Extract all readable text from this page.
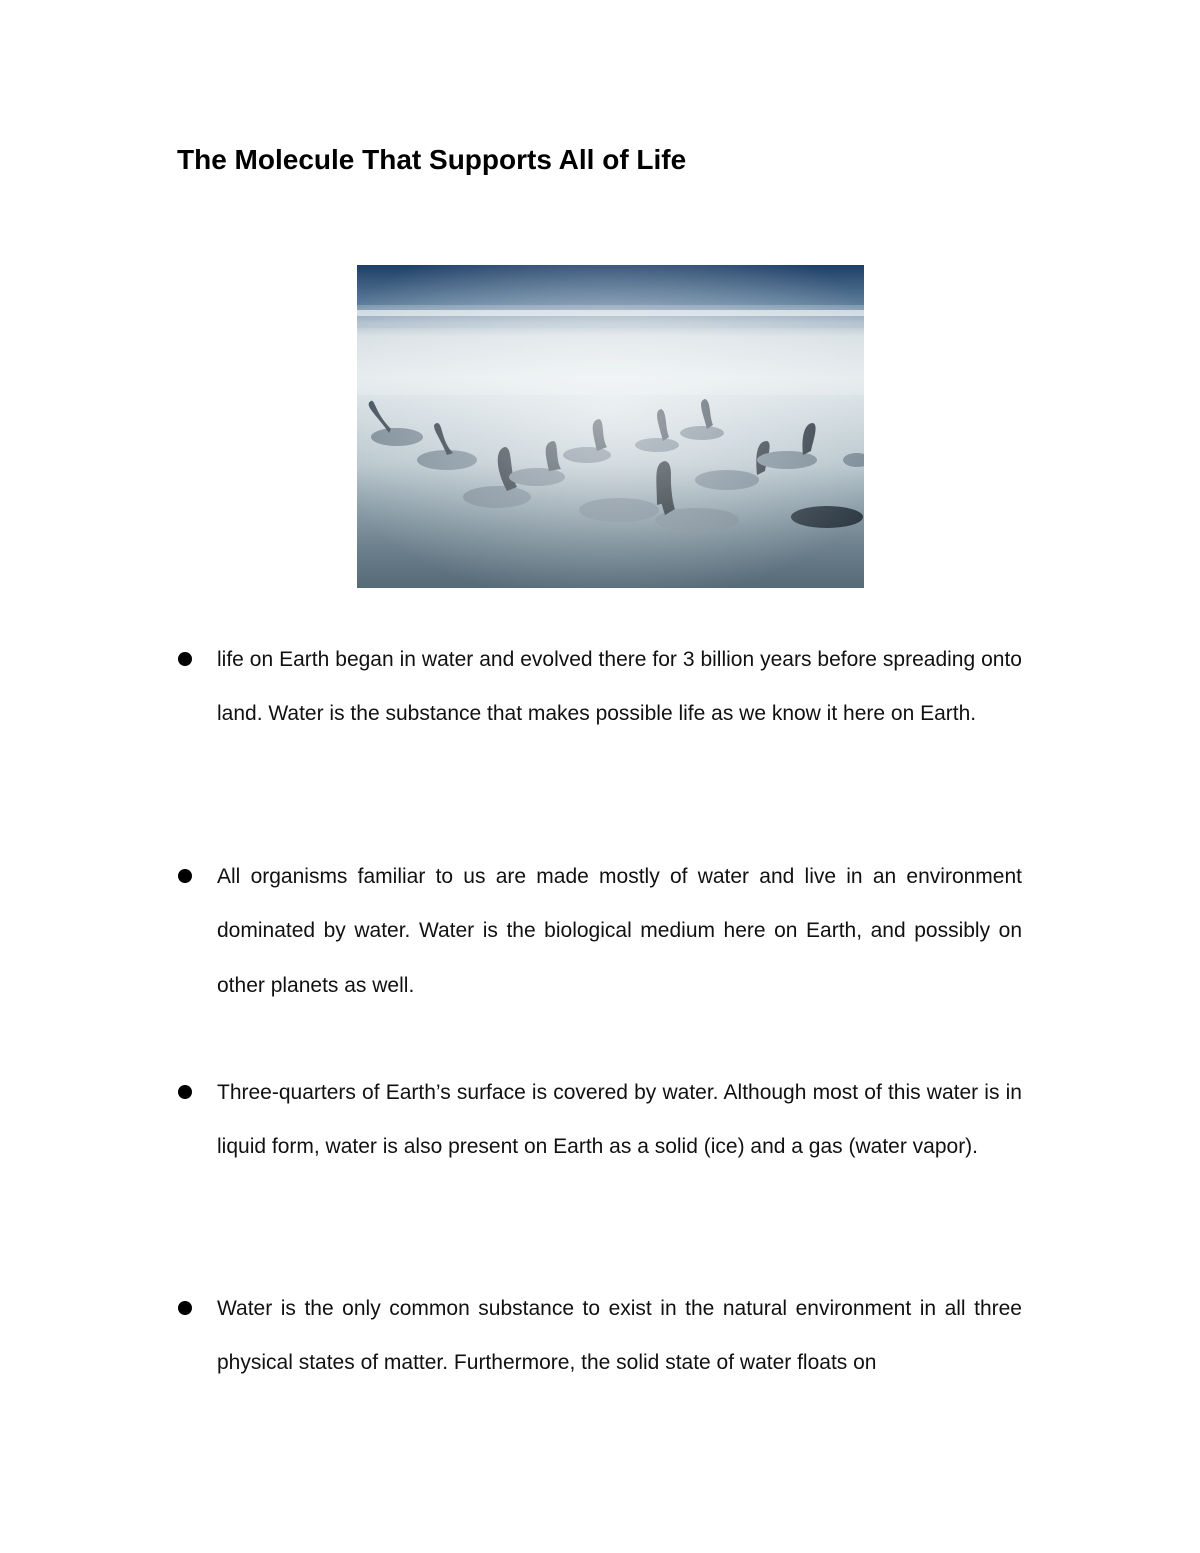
The Molecule That Supports All of Life

life on Earth began in water and evolved there for 3 billion years before spreading onto land. Water is the substance that makes possible life as we know it here on Earth.

All organisms familiar to us are made mostly of water and live in an environment dominated by water. Water is the biological medium here on Earth, and possibly on other planets as well.

Three-quarters of Earth’s surface is covered by water. Although most of this water is in liquid form, water is also present on Earth as a solid (ice) and a gas (water vapor).

Water is the only common substance to exist in the natural environment in all three physical states of matter. Furthermore, the solid state of water floats on
